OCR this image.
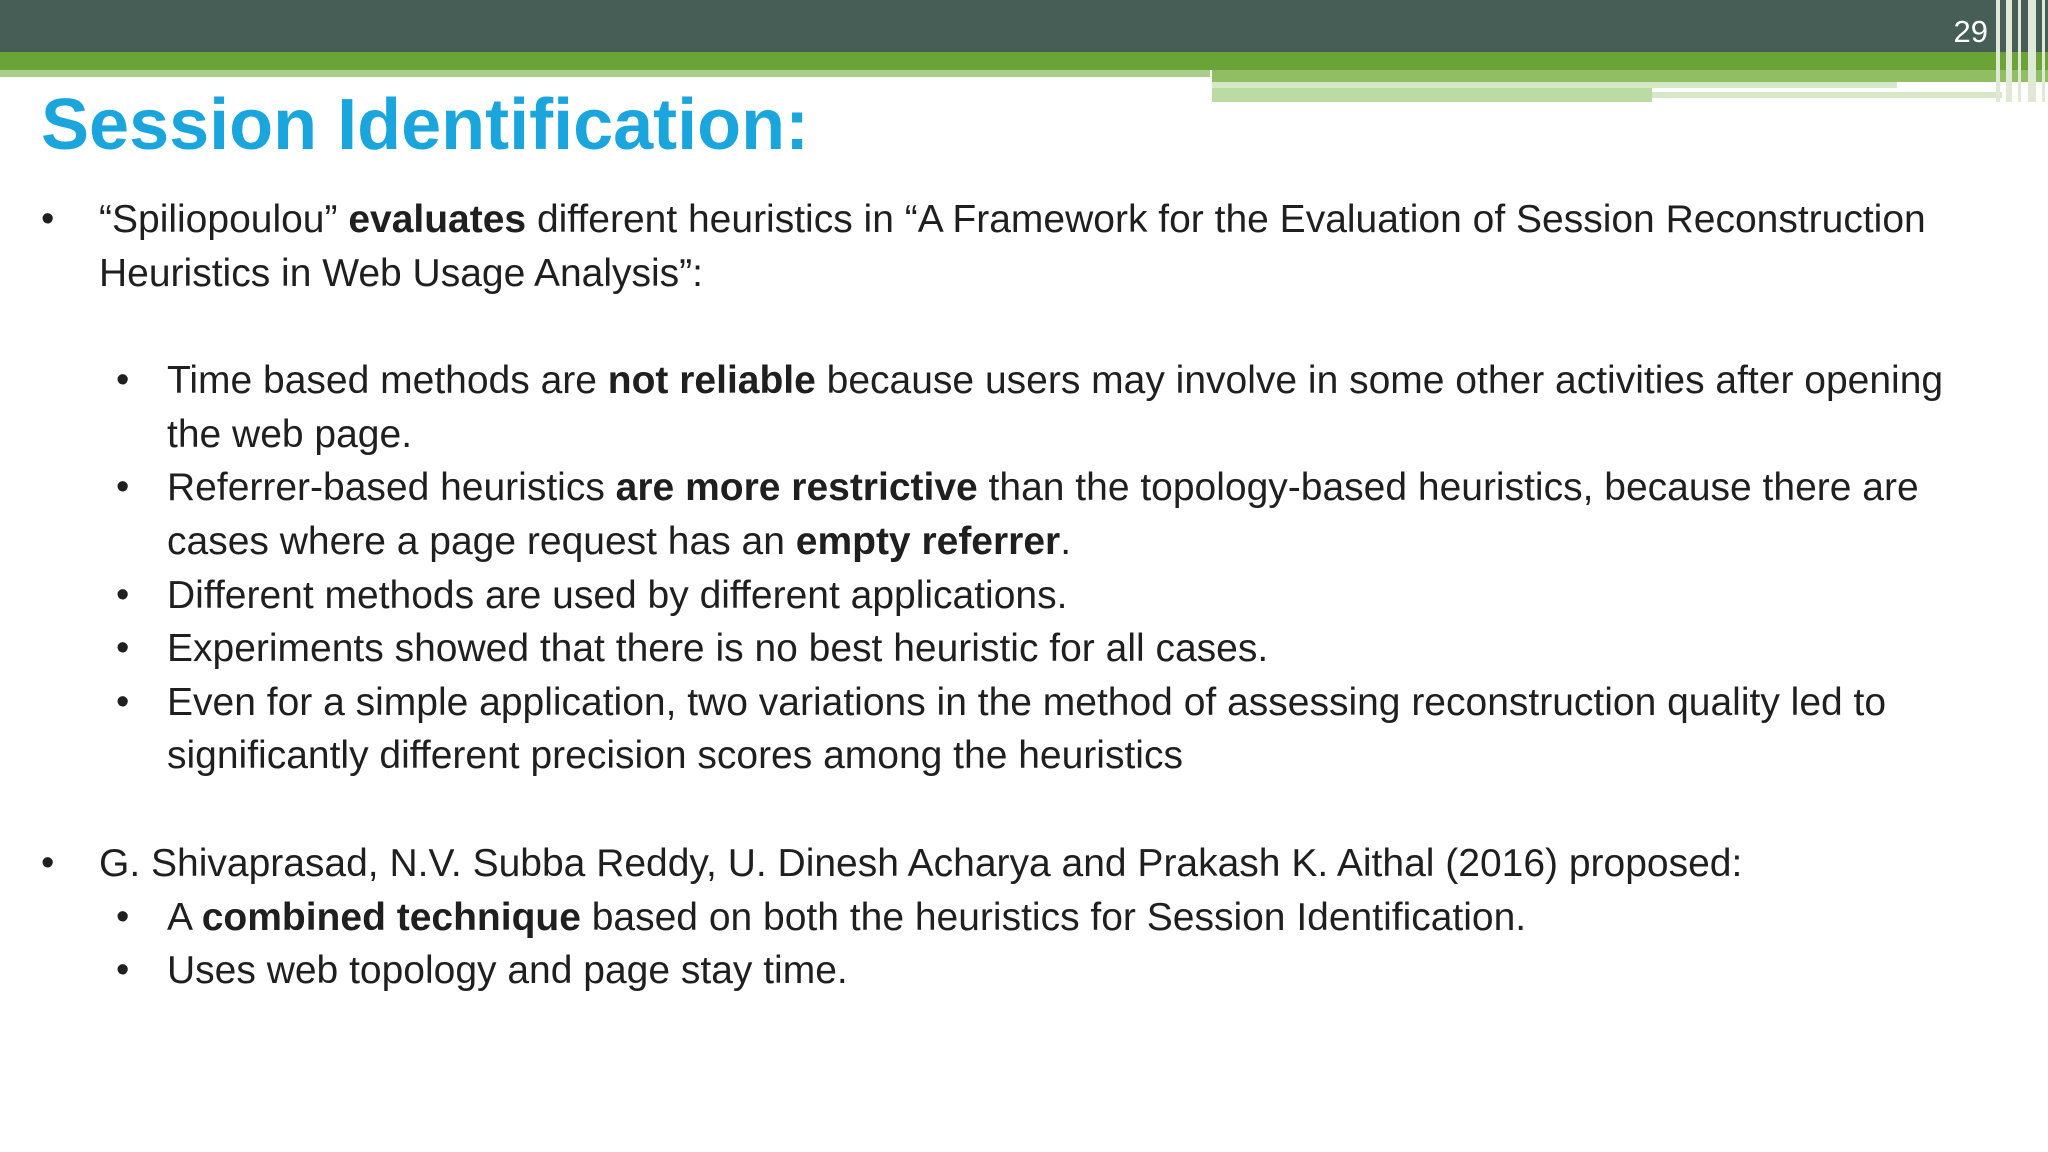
29
Session Identification:
• “Spiliopoulou” evaluates different heuristics in “A Framework for the Evaluation of Session Reconstruction Heuristics in Web Usage Analysis”:
• Time based methods are not reliable because users may involve in some other activities after opening the web page.
• Referrer-based heuristics are more restrictive than the topology-based heuristics, because there are cases where a page request has an empty referrer.
• Different methods are used by different applications.
• Experiments showed that there is no best heuristic for all cases.
• Even for a simple application, two variations in the method of assessing reconstruction quality led to significantly different precision scores among the heuristics
• G. Shivaprasad, N.V. Subba Reddy, U. Dinesh Acharya and Prakash K. Aithal (2016) proposed:
• A combined technique based on both the heuristics for Session Identification.
• Uses web topology and page stay time.
